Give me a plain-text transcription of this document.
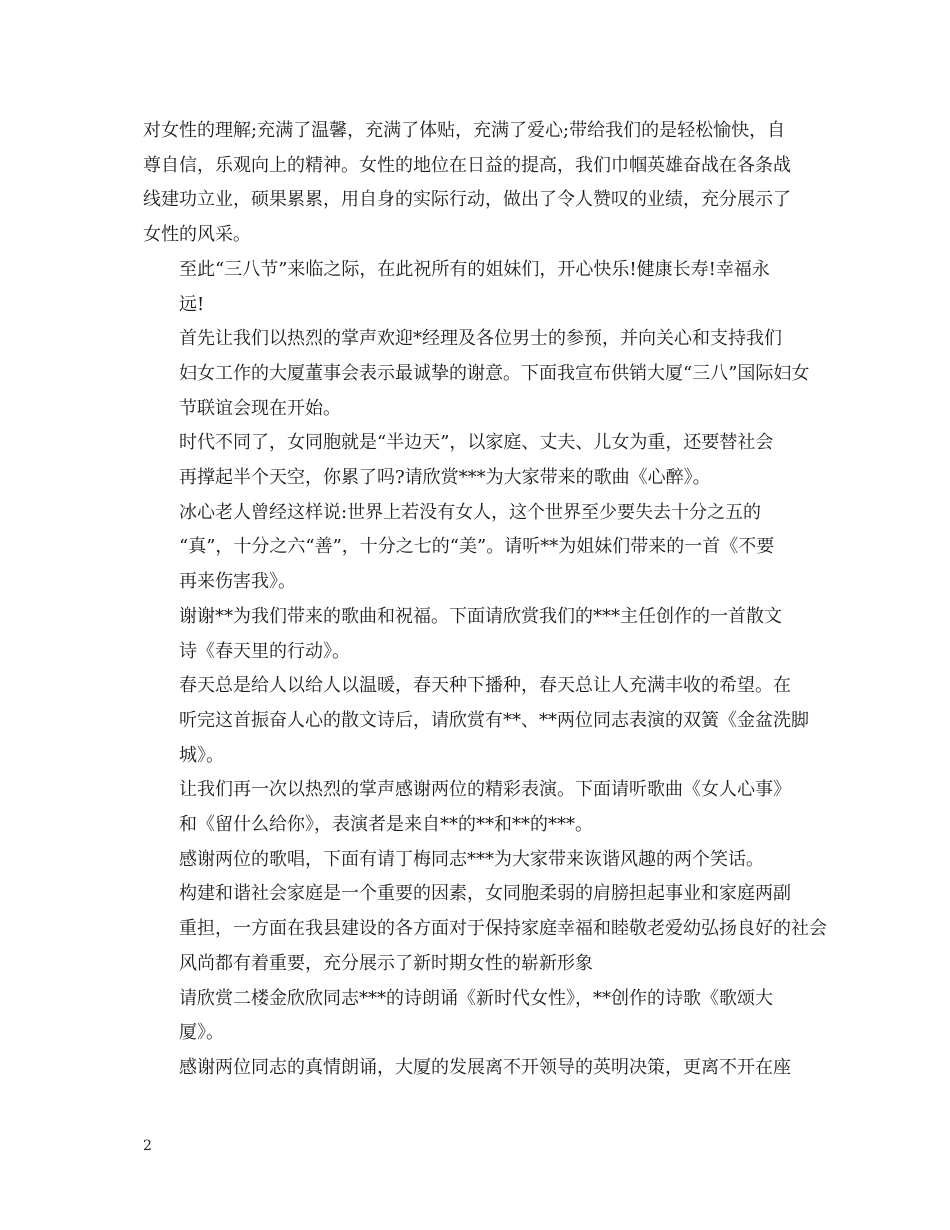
对女性的理解;充满了温馨，充满了体贴，充满了爱心;带给我们的是轻松愉快，自
尊自信，乐观向上的精神。女性的地位在日益的提高，我们巾帼英雄奋战在各条战
线建功立业，硕果累累，用自身的实际行动，做出了令人赞叹的业绩，充分展示了
女性的风采。

至此“三八节”来临之际，在此祝所有的姐妹们，开心快乐!健康长寿!幸福永
远!

首先让我们以热烈的掌声欢迎*经理及各位男士的参预，并向关心和支持我们
妇女工作的大厦董事会表示最诚挚的谢意。下面我宣布供销大厦“三八”国际妇女
节联谊会现在开始。

时代不同了，女同胞就是“半边天”，以家庭、丈夫、儿女为重，还要替社会
再撑起半个天空，你累了吗?请欣赏***为大家带来的歌曲《心醉》。

冰心老人曾经这样说:世界上若没有女人，这个世界至少要失去十分之五的
“真”，十分之六“善”，十分之七的“美”。请听**为姐妹们带来的一首《不要
再来伤害我》。

谢谢**为我们带来的歌曲和祝福。下面请欣赏我们的***主任创作的一首散文
诗《春天里的行动》。

春天总是给人以给人以温暖，春天种下播种，春天总让人充满丰收的希望。在
听完这首振奋人心的散文诗后，请欣赏有**、**两位同志表演的双簧《金盆洗脚
城》。

让我们再一次以热烈的掌声感谢两位的精彩表演。下面请听歌曲《女人心事》
和《留什么给你》，表演者是来自**的**和**的***。

感谢两位的歌唱，下面有请丁梅同志***为大家带来诙谐风趣的两个笑话。

构建和谐社会家庭是一个重要的因素，女同胞柔弱的肩膀担起事业和家庭两副
重担，一方面在我县建设的各方面对于保持家庭幸福和睦敬老爱幼弘扬良好的社会
风尚都有着重要，充分展示了新时期女性的崭新形象

请欣赏二楼金欣欣同志***的诗朗诵《新时代女性》，**创作的诗歌《歌颂大
厦》。

感谢两位同志的真情朗诵，大厦的发展离不开领导的英明决策，更离不开在座

2
